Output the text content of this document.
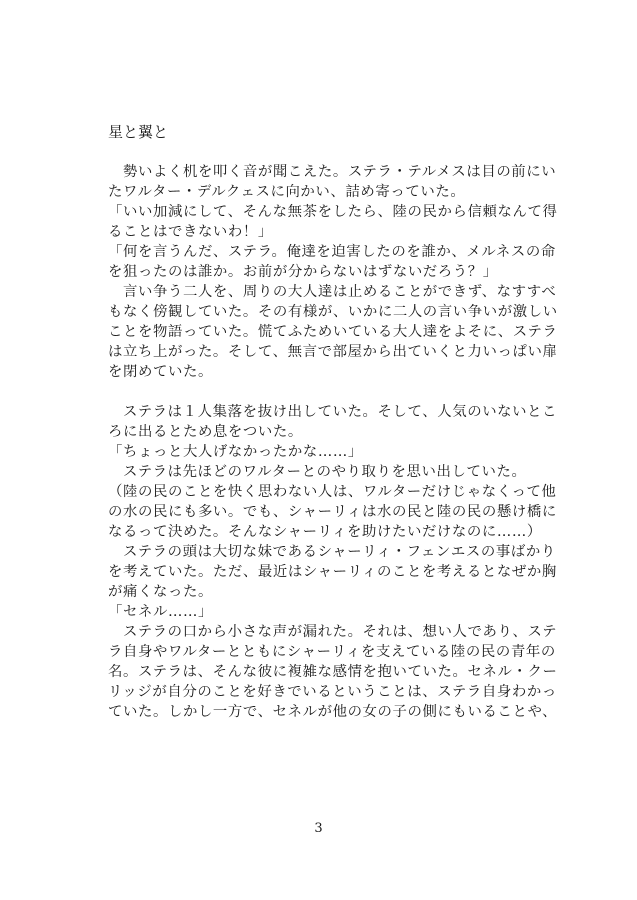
星と翼と
　勢いよく机を叩く音が聞こえた。ステラ・テルメスは目の前にい
たワルター・デルクェスに向かい、詰め寄っていた。
「いい加減にして、そんな無茶をしたら、陸の民から信頼なんて得
ることはできないわ！」
「何を言うんだ、ステラ。俺達を迫害したのを誰か、メルネスの命
を狙ったのは誰か。お前が分からないはずないだろう？」
　言い争う二人を、周りの大人達は止めることができず、なすすべ
もなく傍観していた。その有様が、いかに二人の言い争いが激しい
ことを物語っていた。慌てふためいている大人達をよそに、ステラ
は立ち上がった。そして、無言で部屋から出ていくと力いっぱい扉
を閉めていた。
　ステラは１人集落を抜け出していた。そして、人気のいないとこ
ろに出るとため息をついた。
「ちょっと大人げなかったかな……」
　ステラは先ほどのワルターとのやり取りを思い出していた。
（陸の民のことを快く思わない人は、ワルターだけじゃなくって他
の水の民にも多い。でも、シャーリィは水の民と陸の民の懸け橋に
なるって決めた。そんなシャーリィを助けたいだけなのに……）
　ステラの頭は大切な妹であるシャーリィ・フェンエスの事ばかり
を考えていた。ただ、最近はシャーリィのことを考えるとなぜか胸
が痛くなった。
「セネル……」
　ステラの口から小さな声が漏れた。それは、想い人であり、ステ
ラ自身やワルターとともにシャーリィを支えている陸の民の青年の
名。ステラは、そんな彼に複雑な感情を抱いていた。セネル・クー
リッジが自分のことを好きでいるということは、ステラ自身わかっ
ていた。しかし一方で、セネルが他の女の子の側にもいることや、
3
